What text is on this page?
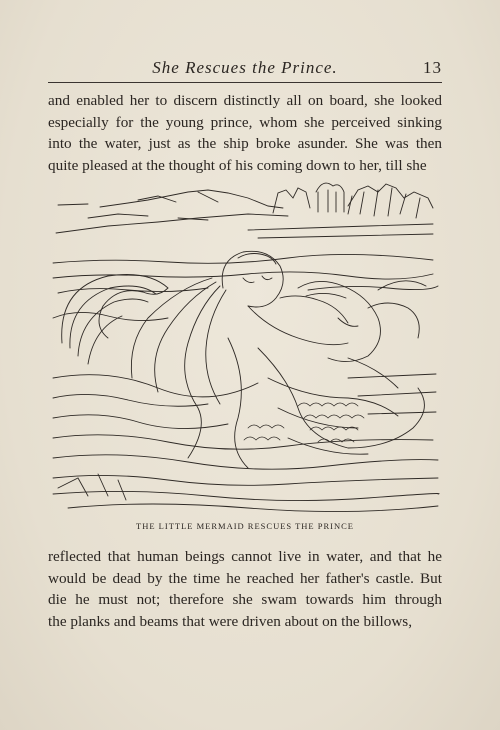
She Rescues the Prince.	13
and enabled her to discern distinctly all on board, she looked
especially for the young prince, whom she perceived sinking
into the water, just as the ship broke asunder. She was then
quite pleased at the thought of his coming down to her, till she
THE LITTLE MERMAID RESCUES THE PRINCE
reflected that human beings cannot live in water, and that he
would be dead by the time he reached her father's castle. But
die he must not; therefore she swam towards him through
the planks and beams that were driven about on the billows,
